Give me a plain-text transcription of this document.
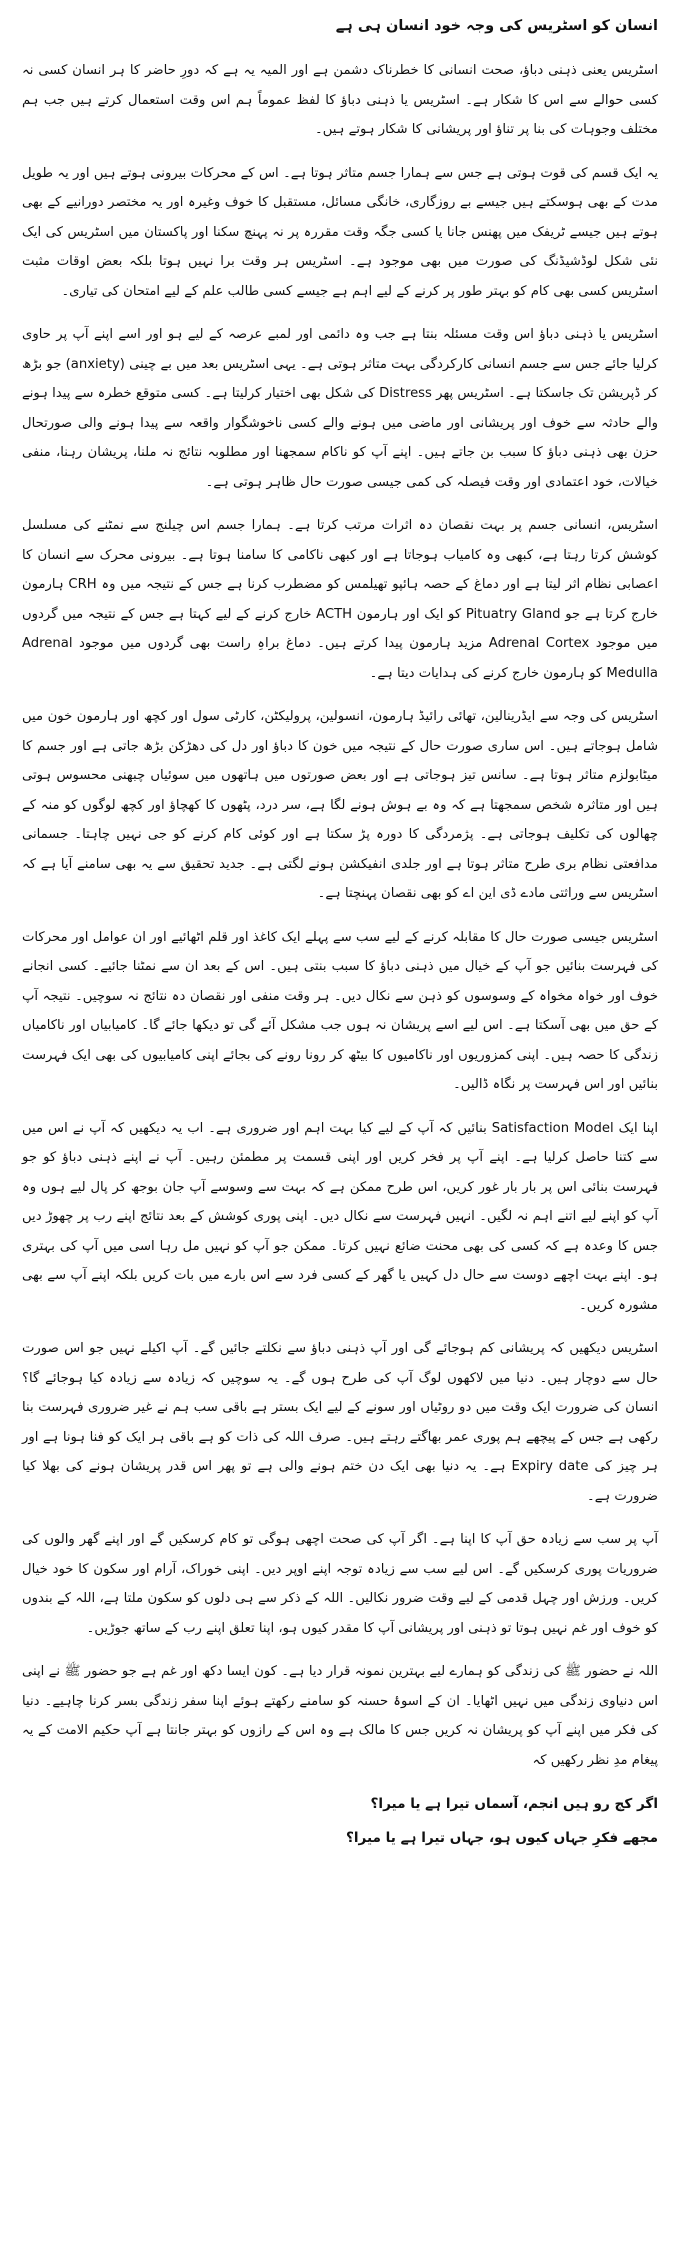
انسان کو اسٹریس کی وجہ خود انسان ہی ہے

اسٹریس یعنی ذہنی دباؤ، صحت انسانی کا خطرناک دشمن ہے اور المیہ یہ ہے کہ دورِ حاضر کا ہر انسان کسی نہ کسی حوالے سے اس کا شکار ہے۔ اسٹریس یا ذہنی دباؤ کا لفظ عموماً ہم اس وقت استعمال کرتے ہیں جب ہم مختلف وجوہات کی بنا پر تناؤ اور پریشانی کا شکار ہوتے ہیں۔

یہ ایک قسم کی قوت ہوتی ہے جس سے ہمارا جسم متاثر ہوتا ہے۔ اس کے محرکات بیرونی ہوتے ہیں اور یہ طویل مدت کے بھی ہوسکتے ہیں جیسے بے روزگاری، خانگی مسائل، مستقبل کا خوف وغیرہ اور یہ مختصر دورانیے کے بھی ہوتے ہیں جیسے ٹریفک میں پھنس جانا یا کسی جگہ وقت مقررہ پر نہ پہنچ سکنا اور پاکستان میں اسٹریس کی ایک نئی شکل لوڈشیڈنگ کی صورت میں بھی موجود ہے۔ اسٹریس ہر وقت برا نہیں ہوتا بلکہ بعض اوقات مثبت اسٹریس کسی بھی کام کو بہتر طور پر کرنے کے لیے اہم ہے جیسے کسی طالب علم کے لیے امتحان کی تیاری۔

اسٹریس یا ذہنی دباؤ اس وقت مسئلہ بنتا ہے جب وہ دائمی اور لمبے عرصہ کے لیے ہو اور اسے اپنے آپ پر حاوی کرلیا جائے جس سے جسم انسانی کارکردگی بہت متاثر ہوتی ہے۔ یہی اسٹریس بعد میں بے چینی (anxiety) جو بڑھ کر ڈپریشن تک جاسکتا ہے۔ اسٹریس پھر Distress کی شکل بھی اختیار کرلیتا ہے۔ کسی متوقع خطرہ سے پیدا ہونے والے حادثہ سے خوف اور پریشانی اور ماضی میں ہونے والے کسی ناخوشگوار واقعہ سے پیدا ہونے والی صورتحال حزن بھی ذہنی دباؤ کا سبب بن جاتے ہیں۔ اپنے آپ کو ناکام سمجھنا اور مطلوبہ نتائج نہ ملنا، پریشان رہنا، منفی خیالات، خود اعتمادی اور وقت فیصلہ کی کمی جیسی صورت حال ظاہر ہوتی ہے۔

اسٹریس، انسانی جسم پر بہت نقصان دہ اثرات مرتب کرتا ہے۔ ہمارا جسم اس چیلنج سے نمٹنے کی مسلسل کوشش کرتا رہتا ہے، کبھی وہ کامیاب ہوجاتا ہے اور کبھی ناکامی کا سامنا ہوتا ہے۔ بیرونی محرک سے انسان کا اعصابی نظام اثر لیتا ہے اور دماغ کے حصہ ہائپو تھیلمس کو مضطرب کرنا ہے جس کے نتیجہ میں وہ CRH ہارمون خارج کرتا ہے جو Pituatry Gland کو ایک اور ہارمون ACTH خارج کرنے کے لیے کہتا ہے جس کے نتیجہ میں گردوں میں موجود Adrenal Cortex مزید ہارمون پیدا کرتے ہیں۔ دماغ براہِ راست بھی گردوں میں موجود Adrenal Medulla کو ہارمون خارج کرنے کی ہدایات دیتا ہے۔

اسٹریس کی وجہ سے ایڈرینالین، تھائی رائیڈ ہارمون، انسولین، پرولیکٹن، کارٹی سول اور کچھ اور ہارمون خون میں شامل ہوجاتے ہیں۔ اس ساری صورت حال کے نتیجہ میں خون کا دباؤ اور دل کی دھڑکن بڑھ جاتی ہے اور جسم کا میٹابولزم متاثر ہوتا ہے۔ سانس تیز ہوجاتی ہے اور بعض صورتوں میں ہاتھوں میں سوئیاں چبھنی محسوس ہوتی ہیں اور متاثرہ شخص سمجھتا ہے کہ وہ بے ہوش ہونے لگا ہے، سر درد، پٹھوں کا کھچاؤ اور کچھ لوگوں کو منہ کے چھالوں کی تکلیف ہوجاتی ہے۔ پژمردگی کا دورہ پڑ سکتا ہے اور کوئی کام کرنے کو جی نہیں چاہتا۔ جسمانی مدافعتی نظام بری طرح متاثر ہوتا ہے اور جلدی انفیکشن ہونے لگتی ہے۔ جدید تحقیق سے یہ بھی سامنے آیا ہے کہ اسٹریس سے وراثتی مادے ڈی این اے کو بھی نقصان پہنچتا ہے۔

اسٹریس جیسی صورت حال کا مقابلہ کرنے کے لیے سب سے پہلے ایک کاغذ اور قلم اٹھائیے اور ان عوامل اور محرکات کی فہرست بنائیں جو آپ کے خیال میں ذہنی دباؤ کا سبب بنتی ہیں۔ اس کے بعد ان سے نمٹنا جائیے۔ کسی انجانے خوف اور خواہ مخواہ کے وسوسوں کو ذہن سے نکال دیں۔ ہر وقت منفی اور نقصان دہ نتائج نہ سوچیں۔ نتیجہ آپ کے حق میں بھی آسکتا ہے۔ اس لیے اسے پریشان نہ ہوں جب مشکل آئے گی تو دیکھا جائے گا۔ کامیابیاں اور ناکامیاں زندگی کا حصہ ہیں۔ اپنی کمزوریوں اور ناکامیوں کا بیٹھ کر رونا رونے کی بجائے اپنی کامیابیوں کی بھی ایک فہرست بنائیں اور اس فہرست پر نگاہ ڈالیں۔

اپنا ایک Satisfaction Model بنائیں کہ آپ کے لیے کیا بہت اہم اور ضروری ہے۔ اب یہ دیکھیں کہ آپ نے اس میں سے کتنا حاصل کرلیا ہے۔ اپنے آپ پر فخر کریں اور اپنی قسمت پر مطمئن رہیں۔ آپ نے اپنے ذہنی دباؤ کو جو فہرست بنائی اس پر بار بار غور کریں، اس طرح ممکن ہے کہ بہت سے وسوسے آپ جان بوجھ کر پال لیے ہوں وہ آپ کو اپنے لیے اتنے اہم نہ لگیں۔ انہیں فہرست سے نکال دیں۔ اپنی پوری کوشش کے بعد نتائج اپنے رب پر چھوڑ دیں جس کا وعدہ ہے کہ کسی کی بھی محنت ضائع نہیں کرتا۔ ممکن جو آپ کو نہیں مل رہا اسی میں آپ کی بہتری ہو۔ اپنے بہت اچھے دوست سے حال دل کہیں یا گھر کے کسی فرد سے اس بارے میں بات کریں بلکہ اپنے آپ سے بھی مشورہ کریں۔

اسٹریس دیکھیں کہ پریشانی کم ہوجائے گی اور آپ ذہنی دباؤ سے نکلتے جائیں گے۔ آپ اکیلے نہیں جو اس صورت حال سے دوچار ہیں۔ دنیا میں لاکھوں لوگ آپ کی طرح ہوں گے۔ یہ سوچیں کہ زیادہ سے زیادہ کیا ہوجائے گا؟ انسان کی ضرورت ایک وقت میں دو روٹیاں اور سونے کے لیے ایک بستر ہے باقی سب ہم نے غیر ضروری فہرست بنا رکھی ہے جس کے پیچھے ہم پوری عمر بھاگتے رہتے ہیں۔ صرف اللہ کی ذات کو ہے باقی ہر ایک کو فنا ہونا ہے اور ہر چیز کی Expiry date ہے۔ یہ دنیا بھی ایک دن ختم ہونے والی ہے تو پھر اس قدر پریشان ہونے کی بھلا کیا ضرورت ہے۔

آپ پر سب سے زیادہ حق آپ کا اپنا ہے۔ اگر آپ کی صحت اچھی ہوگی تو کام کرسکیں گے اور اپنے گھر والوں کی ضروریات پوری کرسکیں گے۔ اس لیے سب سے زیادہ توجہ اپنے اوپر دیں۔ اپنی خوراک، آرام اور سکون کا خود خیال کریں۔ ورزش اور چہل قدمی کے لیے وقت ضرور نکالیں۔ اللہ کے ذکر سے ہی دلوں کو سکون ملتا ہے، اللہ کے بندوں کو خوف اور غم نہیں ہوتا تو ذہنی اور پریشانی آپ کا مقدر کیوں ہو، اپنا تعلق اپنے رب کے ساتھ جوڑیں۔

اللہ نے حضور ﷺ کی زندگی کو ہمارے لیے بہترین نمونہ قرار دیا ہے۔ کون ایسا دکھ اور غم ہے جو حضور ﷺ نے اپنی اس دنیاوی زندگی میں نہیں اٹھایا۔ ان کے اسوۂ حسنہ کو سامنے رکھتے ہوئے اپنا سفر زندگی بسر کرنا چاہیے۔ دنیا کی فکر میں اپنے آپ کو پریشان نہ کریں جس کا مالک ہے وہ اس کے رازوں کو بہتر جانتا ہے آپ حکیم الامت کے یہ پیغام مدِ نظر رکھیں کہ

اگر کج رو ہیں انجم، آسماں تیرا ہے یا میرا؟

مجھے فکرِ جہاں کیوں ہو، جہاں تیرا ہے یا میرا؟
